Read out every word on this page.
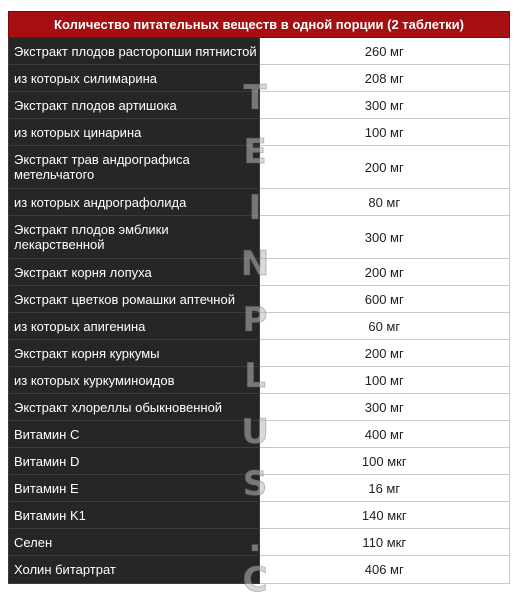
Количество питательных веществ в одной порции (2 таблетки)	
Экстракт плодов расторопши пятнистой	260 мг
из которых силимарина	208 мг
Экстракт плодов артишока	300 мг
из которых цинарина	100 мг
Экстракт трав андрографиса метельчатого	200 мг
из которых андрографолида	80 мг
Экстракт плодов эмблики лекарственной	300 мг
Экстракт корня лопуха	200 мг
Экстракт цветков ромашки аптечной	600 мг
из которых апигенина	60 мг
Экстракт корня куркумы	200 мг
из которых куркуминоидов	100 мг
Экстракт хлореллы обыкновенной	300 мг
Витамин C	400 мг
Витамин D	100 мкг
Витамин E	16 мг
Витамин K1	140 мкг
Селен	110 мкг
Холин битартрат	406 мг
T
E
I
N
P
L
U
S
.
C
